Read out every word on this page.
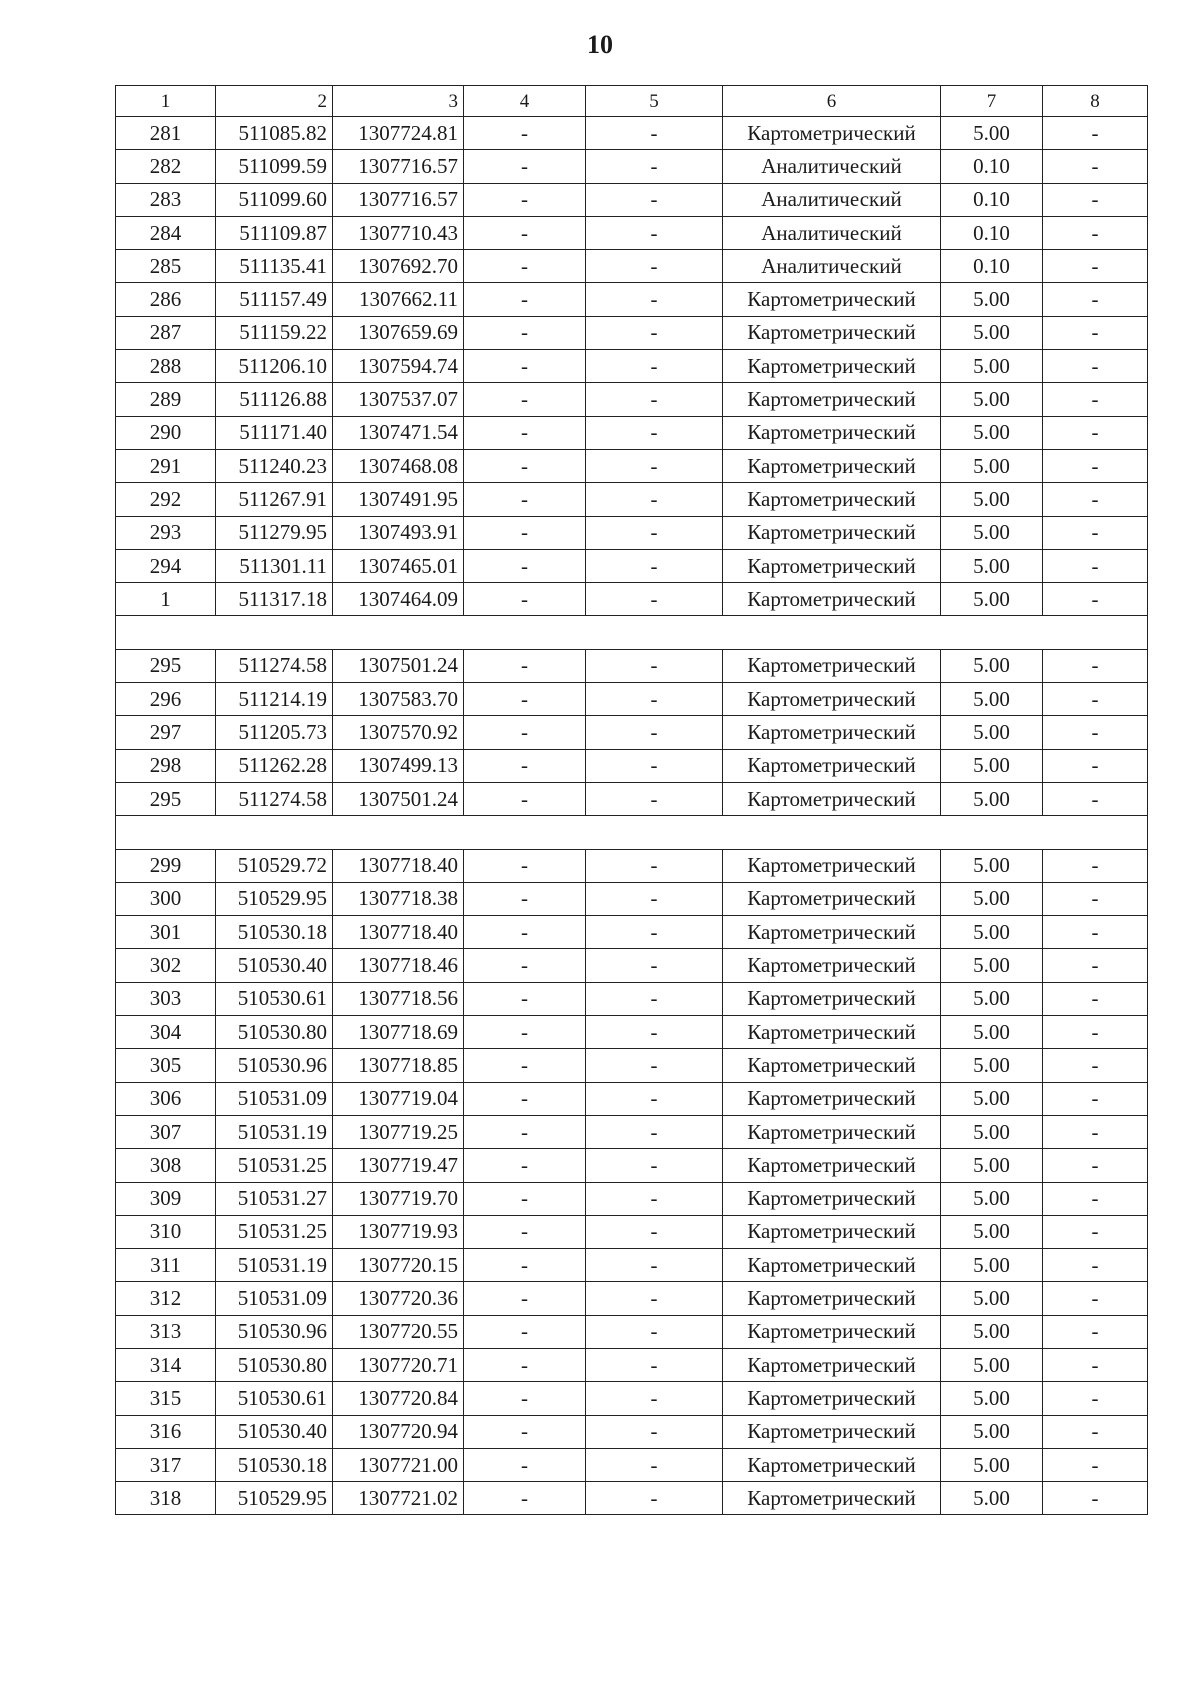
10
1	2	3	4	5	6	7	8
281	511085.82	1307724.81	-	-	Картометрический	5.00	-
282	511099.59	1307716.57	-	-	Аналитический	0.10	-
283	511099.60	1307716.57	-	-	Аналитический	0.10	-
284	511109.87	1307710.43	-	-	Аналитический	0.10	-
285	511135.41	1307692.70	-	-	Аналитический	0.10	-
286	511157.49	1307662.11	-	-	Картометрический	5.00	-
287	511159.22	1307659.69	-	-	Картометрический	5.00	-
288	511206.10	1307594.74	-	-	Картометрический	5.00	-
289	511126.88	1307537.07	-	-	Картометрический	5.00	-
290	511171.40	1307471.54	-	-	Картометрический	5.00	-
291	511240.23	1307468.08	-	-	Картометрический	5.00	-
292	511267.91	1307491.95	-	-	Картометрический	5.00	-
293	511279.95	1307493.91	-	-	Картометрический	5.00	-
294	511301.11	1307465.01	-	-	Картометрический	5.00	-
1	511317.18	1307464.09	-	-	Картометрический	5.00	-

295	511274.58	1307501.24	-	-	Картометрический	5.00	-
296	511214.19	1307583.70	-	-	Картометрический	5.00	-
297	511205.73	1307570.92	-	-	Картометрический	5.00	-
298	511262.28	1307499.13	-	-	Картометрический	5.00	-
295	511274.58	1307501.24	-	-	Картометрический	5.00	-

299	510529.72	1307718.40	-	-	Картометрический	5.00	-
300	510529.95	1307718.38	-	-	Картометрический	5.00	-
301	510530.18	1307718.40	-	-	Картометрический	5.00	-
302	510530.40	1307718.46	-	-	Картометрический	5.00	-
303	510530.61	1307718.56	-	-	Картометрический	5.00	-
304	510530.80	1307718.69	-	-	Картометрический	5.00	-
305	510530.96	1307718.85	-	-	Картометрический	5.00	-
306	510531.09	1307719.04	-	-	Картометрический	5.00	-
307	510531.19	1307719.25	-	-	Картометрический	5.00	-
308	510531.25	1307719.47	-	-	Картометрический	5.00	-
309	510531.27	1307719.70	-	-	Картометрический	5.00	-
310	510531.25	1307719.93	-	-	Картометрический	5.00	-
311	510531.19	1307720.15	-	-	Картометрический	5.00	-
312	510531.09	1307720.36	-	-	Картометрический	5.00	-
313	510530.96	1307720.55	-	-	Картометрический	5.00	-
314	510530.80	1307720.71	-	-	Картометрический	5.00	-
315	510530.61	1307720.84	-	-	Картометрический	5.00	-
316	510530.40	1307720.94	-	-	Картометрический	5.00	-
317	510530.18	1307721.00	-	-	Картометрический	5.00	-
318	510529.95	1307721.02	-	-	Картометрический	5.00	-
